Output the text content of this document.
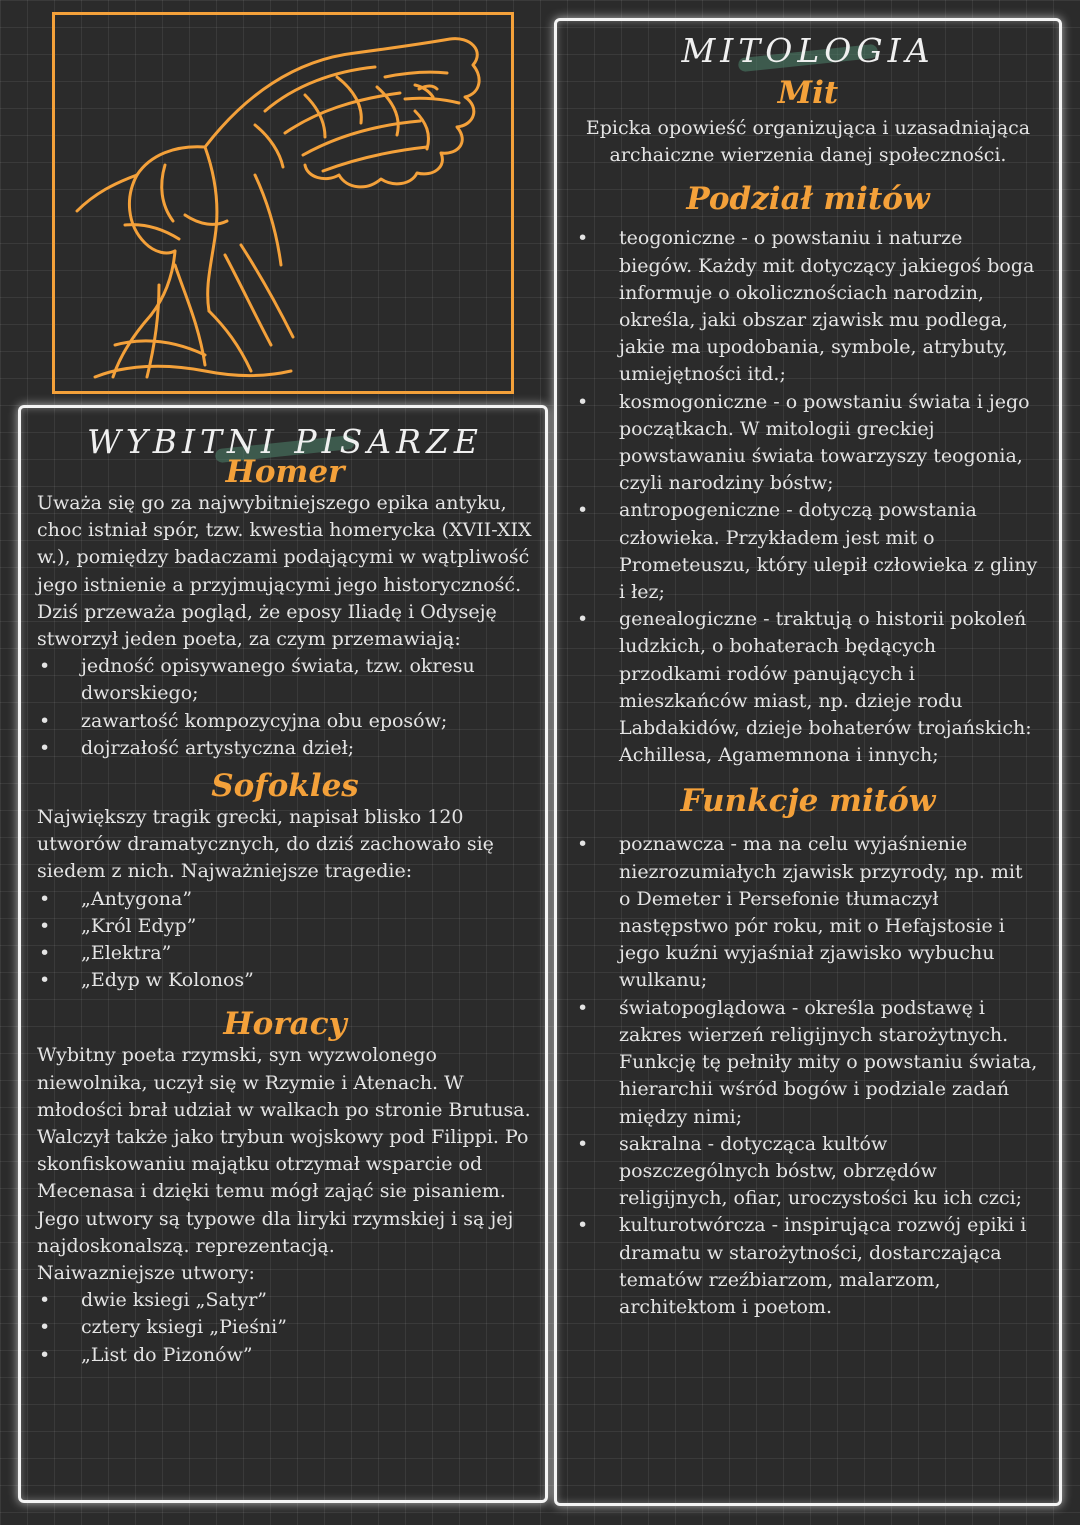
WYBITNI PISARZE
Homer

Uważa się go za najwybitniejszego epika antyku, choc istniał spór, tzw. kwestia homerycka (XVII-XIX w.), pomiędzy badaczami podającymi w wątpliwość jego istnienie a przyjmującymi jego historyczność.

Dziś przeważa pogląd, że eposy Iliadę i Odyseję stworzył jeden poeta, za czym przemawiają:

• jedność opisywanego świata, tzw. okresu dworskiego;
• zawartość kompozycyjna obu eposów;
• dojrzałość artystyczna dzieł;
Sofokles

Największy tragik grecki, napisał blisko 120 utworów dramatycznych, do dziś zachowało się siedem z nich. Najważniejsze tragedie:

• „Antygona”
• „Król Edyp”
• „Elektra”
• „Edyp w Kolonos”
Horacy

Wybitny poeta rzymski, syn wyzwolonego niewolnika, uczył się w Rzymie i Atenach. W młodości brał udział w walkach po stronie Brutusa. Walczył także jako trybun wojskowy pod Filippi. Po skonfiskowaniu majątku otrzymał wsparcie od Mecenasa i dzięki temu mógł zająć sie pisaniem. Jego utwory są typowe dla liryki rzymskiej i są jej najdoskonalszą. reprezentacją.

Naiwazniejsze utwory:

• dwie ksiegi „Satyr”
• cztery ksiegi „Pieśni”
• „List do Pizonów”
MITOLOGIA
Mit

Epicka opowieść organizująca i uzasadniająca archaiczne wierzenia danej społeczności.

Podział mitów
• teogoniczne - o powstaniu i naturze biegów. Każdy mit dotyczący jakiegoś boga informuje o okolicznościach narodzin, określa, jaki obszar zjawisk mu podlega, jakie ma upodobania, symbole, atrybuty, umiejętności itd.;
• kosmogoniczne - o powstaniu świata i jego początkach. W mitologii greckiej powstawaniu świata towarzyszy teogonia, czyli narodziny bóstw;
• antropogeniczne - dotyczą powstania człowieka. Przykładem jest mit o Prometeuszu, który ulepił człowieka z gliny i łez;
• genealogiczne - traktują o historii pokoleń ludzkich, o bohaterach będących przodkami rodów panujących i mieszkańców miast, np. dzieje rodu Labdakidów, dzieje bohaterów trojańskich: Achillesa, Agamemnona i innych;
Funkcje mitów
• poznawcza - ma na celu wyjaśnienie niezrozumiałych zjawisk przyrody, np. mit o Demeter i Persefonie tłumaczył następstwo pór roku, mit o Hefajstosie i jego kuźni wyjaśniał zjawisko wybuchu wulkanu;
• światopoglądowa - określa podstawę i zakres wierzeń religijnych starożytnych. Funkcję tę pełniły mity o powstaniu świata, hierarchii wśród bogów i podziale zadań między nimi;
• sakralna - dotycząca kultów poszczególnych bóstw, obrzędów religijnych, ofiar, uroczystości ku ich czci;
• kulturotwórcza - inspirująca rozwój epiki i dramatu w starożytności, dostarczająca tematów rzeźbiarzom, malarzom, architektom i poetom.
